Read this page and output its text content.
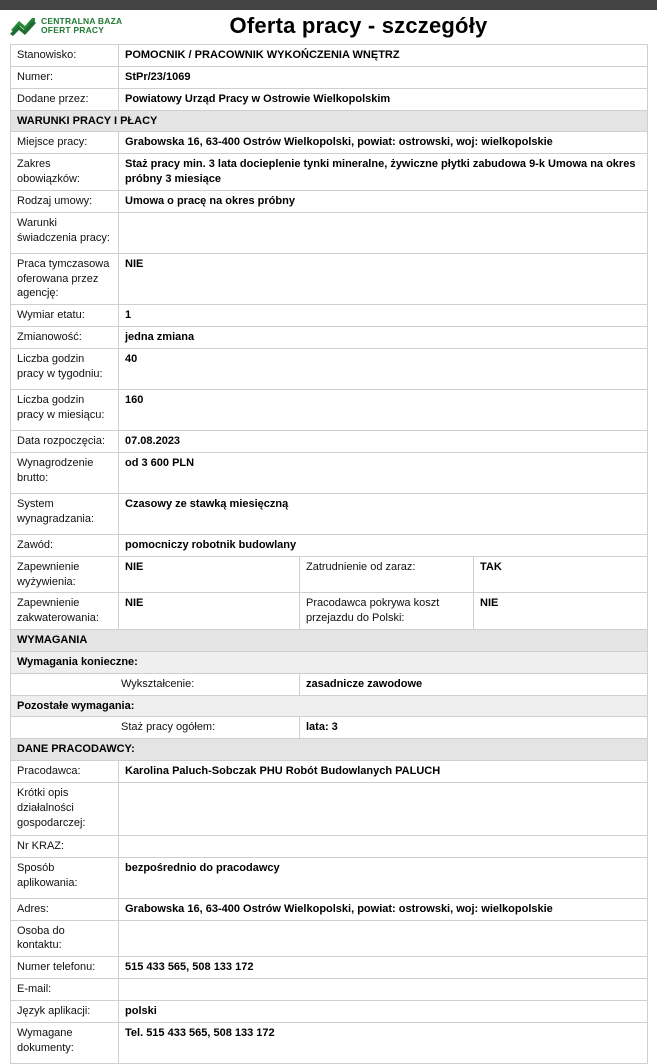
CENTRALNA BAZA
OFERT PRACY	Oferta pracy - szczegóły
Stanowisko:	POMOCNIK / PRACOWNIK WYKOŃCZENIA WNĘTRZ		
Numer:	StPr/23/1069		
Dodane przez:	Powiatowy Urząd Pracy w Ostrowie Wielkopolskim		
WARUNKI PRACY I PŁACY			
Miejsce pracy:	Grabowska 16, 63-400 Ostrów Wielkopolski, powiat: ostrowski, woj: wielkopolskie		
Zakres obowiązków:	Staż pracy min. 3 lata docieplenie tynki mineralne, żywiczne płytki zabudowa 9-k Umowa na okres próbny 3 miesiące		
Rodzaj umowy:	Umowa o pracę na okres próbny		
Warunki świadczenia pracy:			
Praca tymczasowa oferowana przez agencję:	NIE		
Wymiar etatu:	1		
Zmianowość:	jedna zmiana		
Liczba godzin pracy w tygodniu:	40		
Liczba godzin pracy w miesiącu:	160		
Data rozpoczęcia:	07.08.2023		
Wynagrodzenie brutto:	od 3 600 PLN		
System wynagradzania:	Czasowy ze stawką miesięczną		
Zawód:	pomocniczy robotnik budowlany		
Zapewnienie wyżywienia:	NIE	Zatrudnienie od zaraz:	TAK
Zapewnienie zakwaterowania:	NIE	Pracodawca pokrywa koszt przejazdu do Polski:	NIE
WYMAGANIA			
Wymagania konieczne:			
Wykształcenie:		zasadnicze zawodowe	
Pozostałe wymagania:			
Staż pracy ogółem:		lata: 3	
DANE PRACODAWCY:			
Pracodawca:	Karolina Paluch-Sobczak PHU Robót Budowlanych PALUCH		
Krótki opis działalności gospodarczej:			
Nr KRAZ:			
Sposób aplikowania:	bezpośrednio do pracodawcy		
Adres:	Grabowska 16, 63-400 Ostrów Wielkopolski, powiat: ostrowski, woj: wielkopolskie		
Osoba do kontaktu:			
Numer telefonu:	515 433 565, 508 133 172		
E-mail:			
Język aplikacji:	polski		
Wymagane dokumenty:	Tel. 515 433 565, 508 133 172		
